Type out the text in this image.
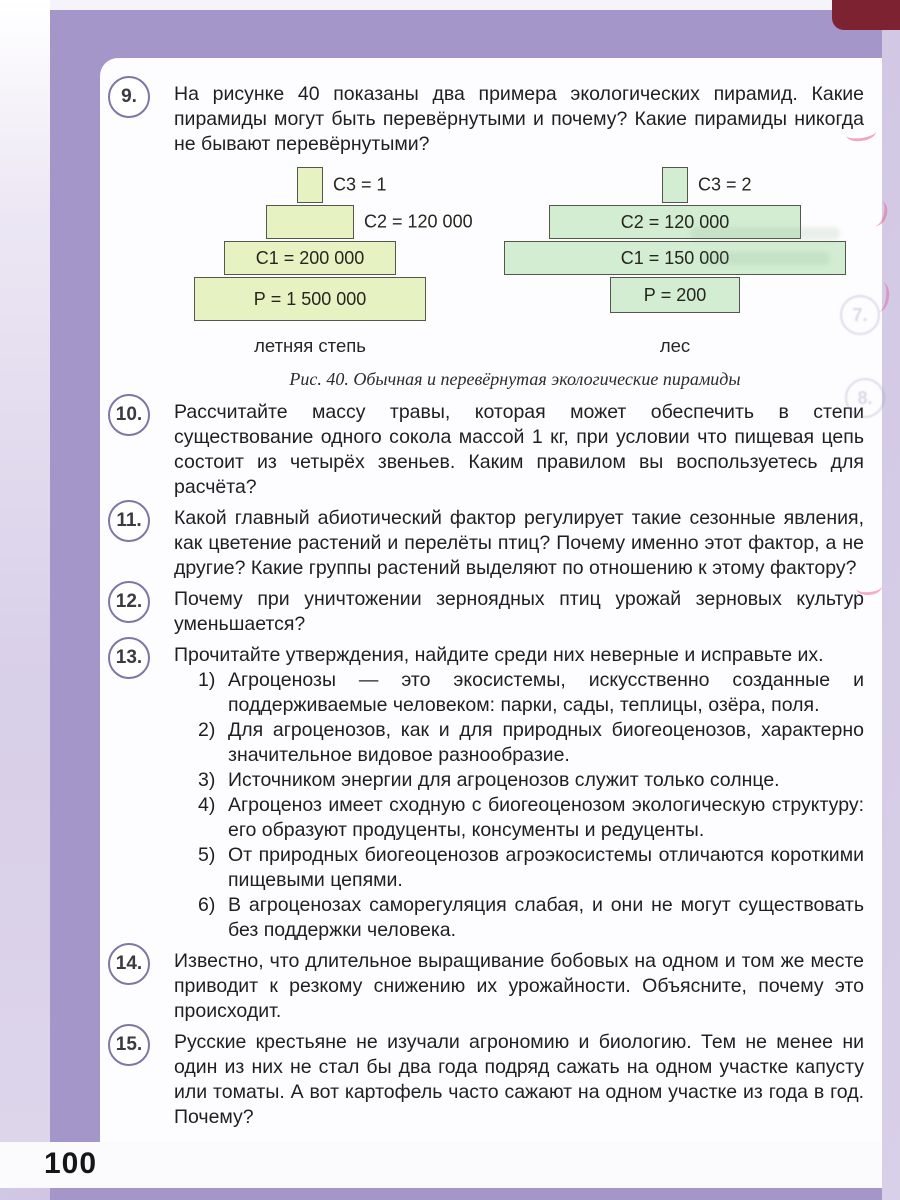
9.	На рисунке 40 показаны два примера экологических пирамид. Какие пирамиды могут быть перевёрнутыми и почему? Какие пирамиды никогда не бывают перевёрнутыми?

С3 = 1
С2 = 120 000
С1 = 200 000
Р = 1 500 000
летняя степь
С3 = 2
С2 = 120 000
С1 = 150 000
Р = 200
лес
Рис. 40. Обычная и перевёрнутая экологические пирамиды
10.	Рассчитайте массу травы, которая может обеспечить в степи существование одного сокола массой 1 кг, при условии что пищевая цепь состоит из четырёх звеньев. Каким правилом вы воспользуетесь для расчёта?

11.	Какой главный абиотический фактор регулирует такие сезонные явления, как цветение растений и перелёты птиц? Почему именно этот фактор, а не другие? Какие группы растений выделяют по отношению к этому фактору?

12.	Почему при уничтожении зерноядных птиц урожай зерновых культур уменьшается?

13.	Прочитайте утверждения, найдите среди них неверные и исправьте их.

1) Агроценозы — это экосистемы, искусственно созданные и поддерживаемые человеком: парки, сады, теплицы, озёра, поля.
2) Для агроценозов, как и для природных биогеоценозов, характерно значительное видовое разнообразие.
3) Источником энергии для агроценозов служит только солнце.
4) Агроценоз имеет сходную с биогеоценозом экологическую структуру: его образуют продуценты, консументы и редуценты.
5) От природных биогеоценозов агроэкосистемы отличаются короткими пищевыми цепями.
6) В агроценозах саморегуляция слабая, и они не могут существовать без поддержки человека.
14.	Известно, что длительное выращивание бобовых на одном и том же месте приводит к резкому снижению их урожайности. Объясните, почему это происходит.

15.	Русские крестьяне не изучали агрономию и биологию. Тем не менее ни один из них не стал бы два года подряд сажать на одном участке капусту или томаты. А вот картофель часто сажают на одном участке из года в год. Почему?

100
7.
8.
